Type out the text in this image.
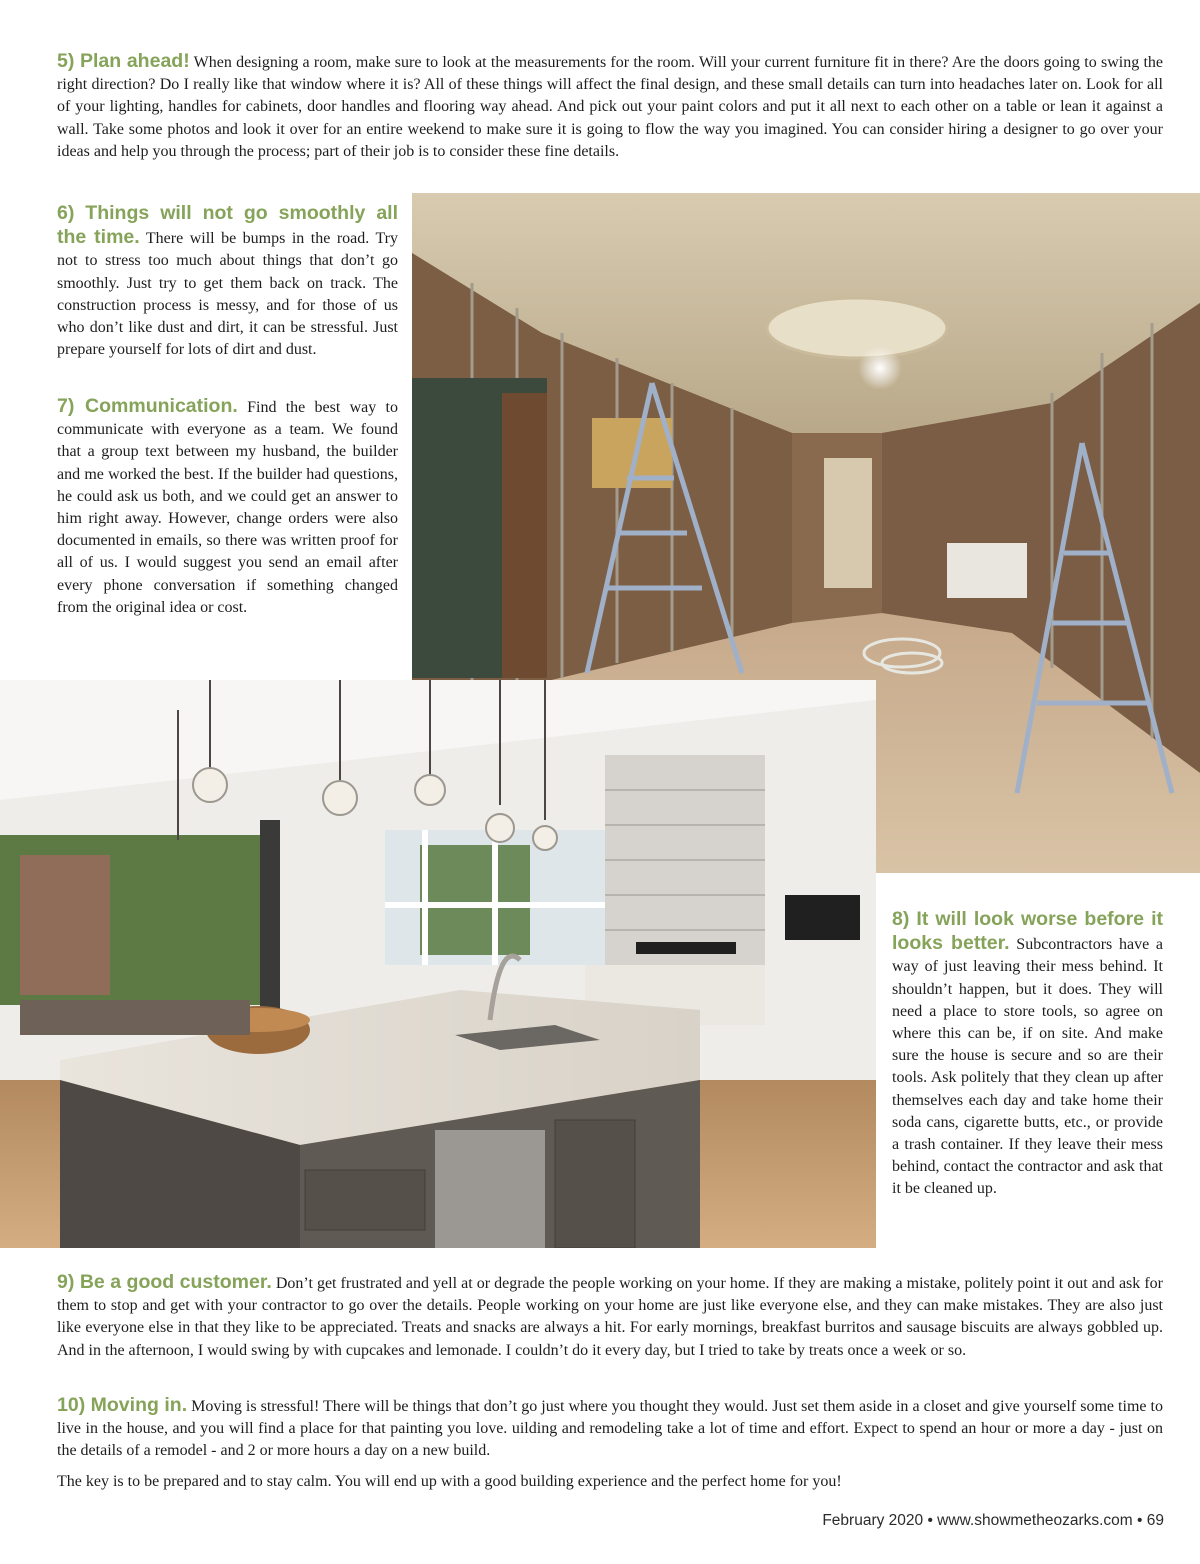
5) Plan ahead! When designing a room, make sure to look at the measurements for the room. Will your current furniture fit in there? Are the doors going to swing the right direction? Do I really like that window where it is? All of these things will affect the final design, and these small details can turn into headaches later on. Look for all of your lighting, handles for cabinets, door handles and flooring way ahead. And pick out your paint colors and put it all next to each other on a table or lean it against a wall. Take some photos and look it over for an entire weekend to make sure it is going to flow the way you imagined. You can consider hiring a designer to go over your ideas and help you through the process; part of their job is to consider these fine details.

6) Things will not go smoothly all the time. There will be bumps in the road. Try not to stress too much about things that don’t go smoothly. Just try to get them back on track. The construction process is messy, and for those of us who don’t like dust and dirt, it can be stressful. Just prepare yourself for lots of dirt and dust.

7) Communication. Find the best way to communicate with everyone as a team. We found that a group text between my husband, the builder and me worked the best. If the builder had questions, he could ask us both, and we could get an answer to him right away. However, change orders were also documented in emails, so there was written proof for all of us. I would suggest you send an email after every phone conversation if something changed from the original idea or cost.

8) It will look worse before it looks better. Subcontractors have a way of just leaving their mess behind. It shouldn’t happen, but it does. They will need a place to store tools, so agree on where this can be, if on site. And make sure the house is secure and so are their tools. Ask politely that they clean up after themselves each day and take home their soda cans, cigarette butts, etc., or provide a trash container. If they leave their mess behind, contact the contractor and ask that it be cleaned up.

9) Be a good customer. Don’t get frustrated and yell at or degrade the people working on your home. If they are making a mistake, politely point it out and ask for them to stop and get with your contractor to go over the details. People working on your home are just like everyone else, and they can make mistakes. They are also just like everyone else in that they like to be appreciated. Treats and snacks are always a hit. For early mornings, breakfast burritos and sausage biscuits are always gobbled up. And in the afternoon, I would swing by with cupcakes and lemonade. I couldn’t do it every day, but I tried to take by treats once a week or so.

10) Moving in. Moving is stressful! There will be things that don’t go just where you thought they would. Just set them aside in a closet and give yourself some time to live in the house, and you will find a place for that painting you love. uilding and remodeling take a lot of time and effort. Expect to spend an hour or more a day - just on the details of a remodel - and 2 or more hours a day on a new build.

The key is to be prepared and to stay calm. You will end up with a good building experience and the perfect home for you!

February 2020 • www.showmetheozarks.com • 69
